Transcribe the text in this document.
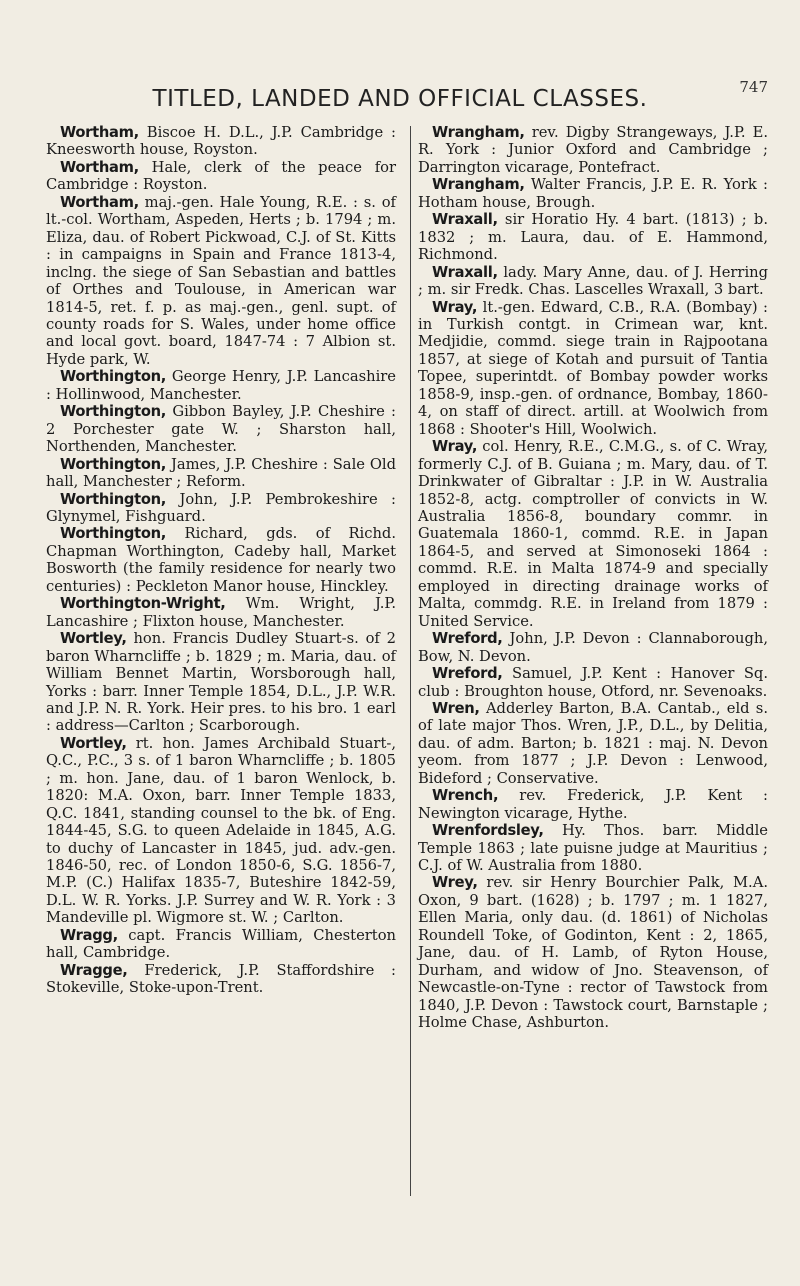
TITLED, LANDED AND OFFICIAL CLASSES.	747

Wortham, Biscoe H. D.L., J.P. Cambridge : Kneesworth house, Royston.

Wortham, Hale, clerk of the peace for Cambridge : Royston.

Wortham, maj.-gen. Hale Young, R.E. : s. of lt.-col. Wortham, Aspeden, Herts ; b. 1794 ; m. Eliza, dau. of Robert Pickwoad, C.J. of St. Kitts : in campaigns in Spain and France 1813-4, inclng. the siege of San Sebastian and battles of Orthes and Toulouse, in American war 1814-5, ret. f. p. as maj.-gen., genl. supt. of county roads for S. Wales, under home office and local govt. board, 1847-74 : 7 Albion st. Hyde park, W.

Worthington, George Henry, J.P. Lancashire : Hollinwood, Manchester.

Worthington, Gibbon Bayley, J.P. Cheshire : 2 Porchester gate W. ; Sharston hall, Northenden, Manchester.

Worthington, James, J.P. Cheshire : Sale Old hall, Manchester ; Reform.

Worthington, John, J.P. Pembrokeshire : Glynymel, Fishguard.

Worthington, Richard, gds. of Richd. Chapman Worthington, Cadeby hall, Market Bosworth (the family residence for nearly two centuries) : Peckleton Manor house, Hinckley.

Worthington-Wright, Wm. Wright, J.P. Lancashire ; Flixton house, Manchester.

Wortley, hon. Francis Dudley Stuart-s. of 2 baron Wharncliffe ; b. 1829 ; m. Maria, dau. of William Bennet Martin, Worsborough hall, Yorks : barr. Inner Temple 1854, D.L., J.P. W.R. and J.P. N. R. York. Heir pres. to his bro. 1 earl : address—Carlton ; Scarborough.

Wortley, rt. hon. James Archibald Stuart-, Q.C., P.C., 3 s. of 1 baron Wharncliffe ; b. 1805 ; m. hon. Jane, dau. of 1 baron Wenlock, b. 1820: M.A. Oxon, barr. Inner Temple 1833, Q.C. 1841, standing counsel to the bk. of Eng. 1844-45, S.G. to queen Adelaide in 1845, A.G. to duchy of Lancaster in 1845, jud. adv.-gen. 1846-50, rec. of London 1850-6, S.G. 1856-7, M.P. (C.) Halifax 1835-7, Buteshire 1842-59, D.L. W. R. Yorks. J.P. Surrey and W. R. York : 3 Mandeville pl. Wigmore st. W. ; Carlton.

Wragg, capt. Francis William, Chesterton hall, Cambridge.

Wragge, Frederick, J.P. Staffordshire : Stokeville, Stoke-upon-Trent.

Wrangham, rev. Digby Strangeways, J.P. E. R. York : Junior Oxford and Cambridge ; Darrington vicarage, Pontefract.

Wrangham, Walter Francis, J.P. E. R. York : Hotham house, Brough.

Wraxall, sir Horatio Hy. 4 bart. (1813) ; b. 1832 ; m. Laura, dau. of E. Hammond, Richmond.

Wraxall, lady. Mary Anne, dau. of J. Herring ; m. sir Fredk. Chas. Lascelles Wraxall, 3 bart.

Wray, lt.-gen. Edward, C.B., R.A. (Bombay) : in Turkish contgt. in Crimean war, knt. Medjidie, commd. siege train in Rajpootana 1857, at siege of Kotah and pursuit of Tantia Topee, superintdt. of Bombay powder works 1858-9, insp.-gen. of ordnance, Bombay, 1860-4, on staff of direct. artill. at Woolwich from 1868 : Shooter's Hill, Woolwich.

Wray, col. Henry, R.E., C.M.G., s. of C. Wray, formerly C.J. of B. Guiana ; m. Mary, dau. of T. Drinkwater of Gibraltar : J.P. in W. Australia 1852-8, actg. comptroller of convicts in W. Australia 1856-8, boundary commr. in Guatemala 1860-1, commd. R.E. in Japan 1864-5, and served at Simonoseki 1864 : commd. R.E. in Malta 1874-9 and specially employed in directing drainage works of Malta, commdg. R.E. in Ireland from 1879 : United Service.

Wreford, John, J.P. Devon : Clannaborough, Bow, N. Devon.

Wreford, Samuel, J.P. Kent : Hanover Sq. club : Broughton house, Otford, nr. Sevenoaks.

Wren, Adderley Barton, B.A. Cantab., eld s. of late major Thos. Wren, J.P., D.L., by Delitia, dau. of adm. Barton; b. 1821 : maj. N. Devon yeom. from 1877 ; J.P. Devon : Lenwood, Bideford ; Conservative.

Wrench, rev. Frederick, J.P. Kent : Newington vicarage, Hythe.

Wrenfordsley, Hy. Thos. barr. Middle Temple 1863 ; late puisne judge at Mauritius ; C.J. of W. Australia from 1880.

Wrey, rev. sir Henry Bourchier Palk, M.A. Oxon, 9 bart. (1628) ; b. 1797 ; m. 1 1827, Ellen Maria, only dau. (d. 1861) of Nicholas Roundell Toke, of Godinton, Kent : 2, 1865, Jane, dau. of H. Lamb, of Ryton House, Durham, and widow of Jno. Steavenson, of Newcastle-on-Tyne : rector of Tawstock from 1840, J.P. Devon : Tawstock court, Barnstaple ; Holme Chase, Ashburton.
